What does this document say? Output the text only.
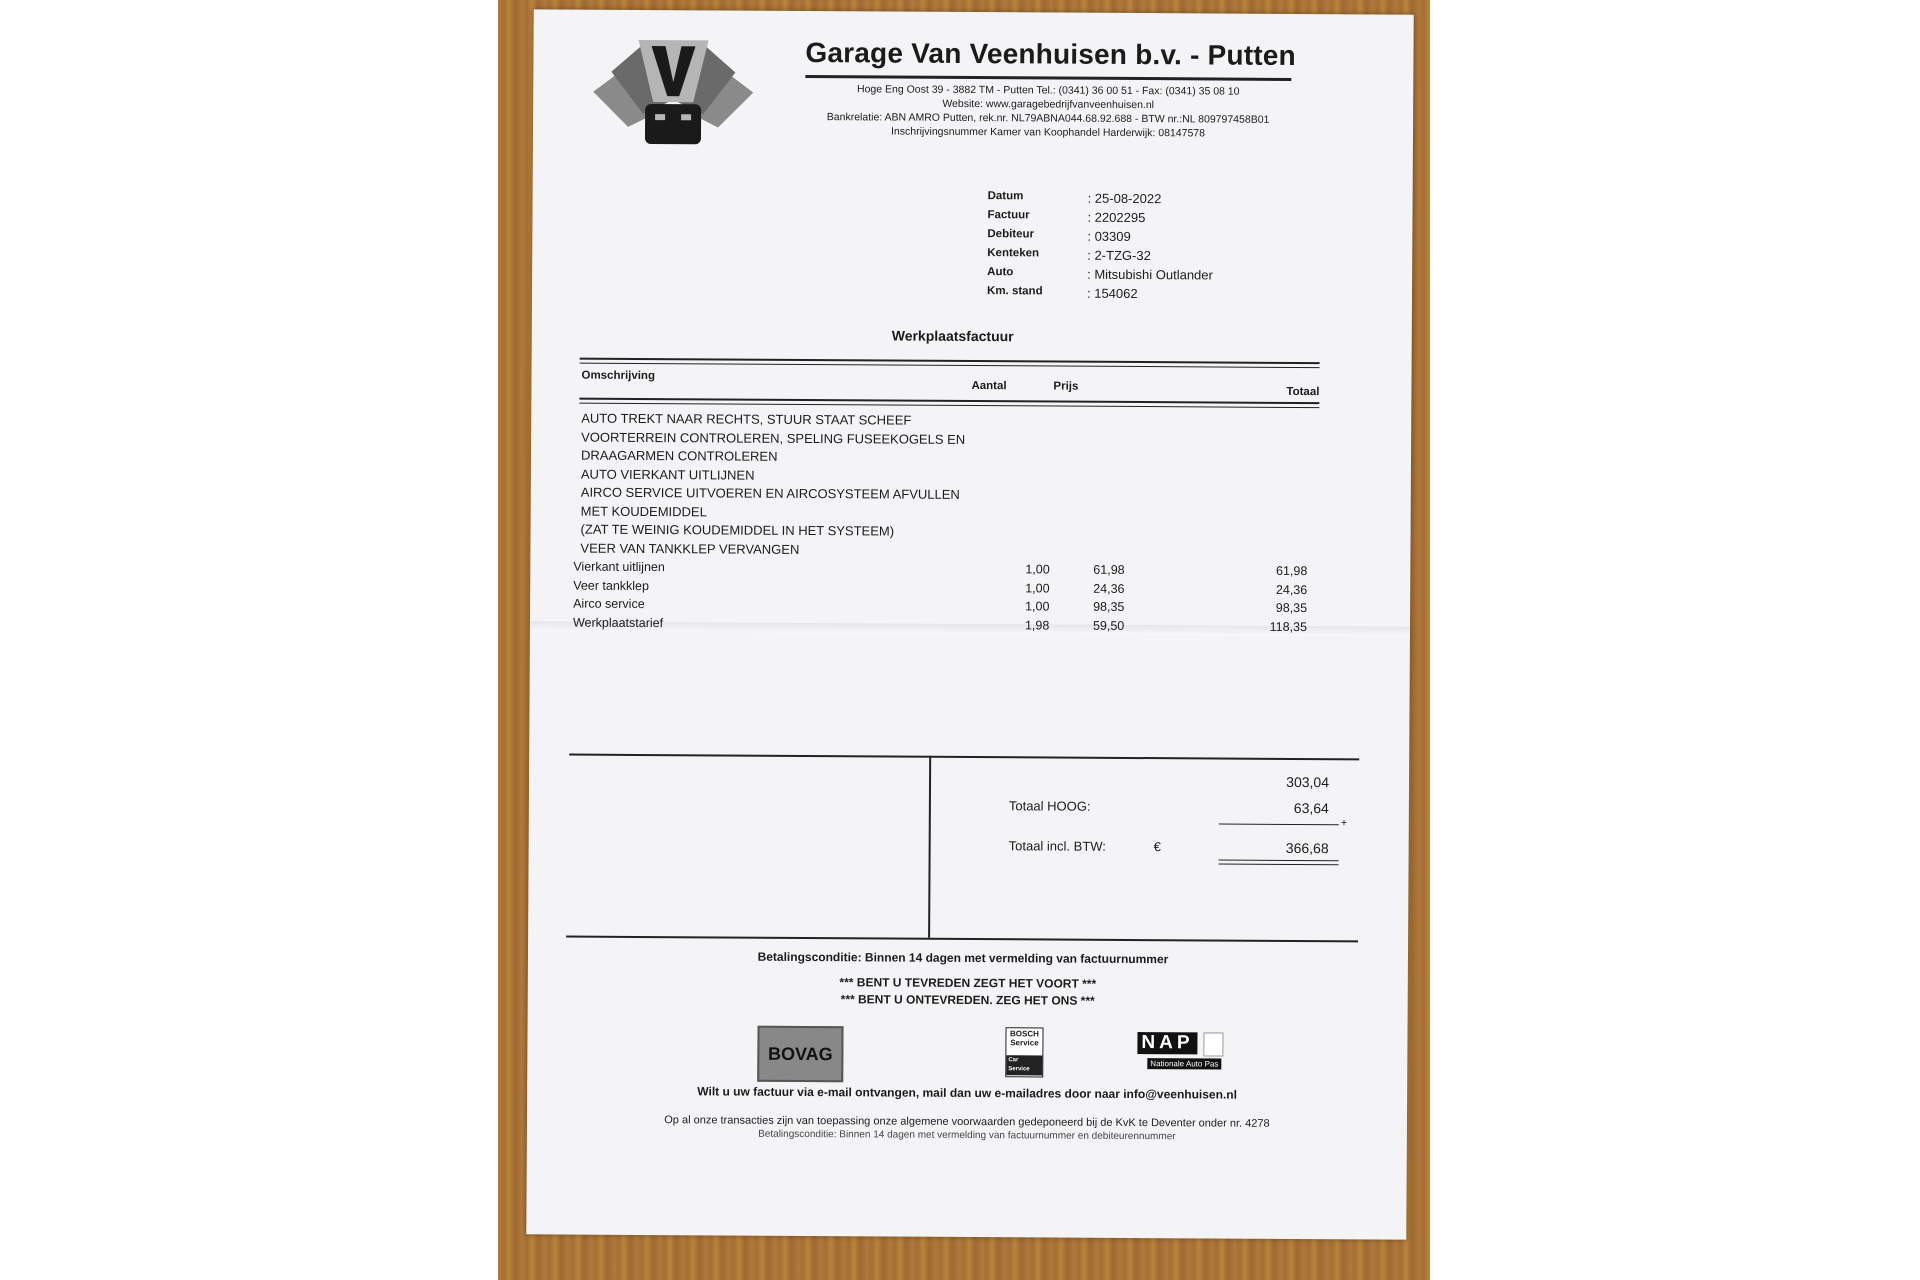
Garage Van Veenhuisen b.v. - Putten
Hoge Eng Oost 39 - 3882 TM - Putten Tel.: (0341) 36 00 51 - Fax: (0341) 35 08 10
Website: www.garagebedrijfvanveenhuisen.nl
Bankrelatie: ABN AMRO Putten, rek.nr. NL79ABNA044.68.92.688 - BTW nr.:NL 809797458B01
Inschrijvingsnummer Kamer van Koophandel Harderwijk: 08147578
Datum	: 25-08-2022
Factuur	: 2202295
Debiteur	: 03309
Kenteken	: 2-TZG-32
Auto	: Mitsubishi Outlander
Km. stand	: 154062
Werkplaatsfactuur
Omschrijving
Aantal	Prijs	Totaal
AUTO TREKT NAAR RECHTS, STUUR STAAT SCHEEF
VOORTERREIN CONTROLEREN, SPELING FUSEEKOGELS EN
DRAAGARMEN CONTROLEREN
AUTO VIERKANT UITLIJNEN
AIRCO SERVICE UITVOEREN EN AIRCOSYSTEEM AFVULLEN
MET KOUDEMIDDEL
(ZAT TE WEINIG KOUDEMIDDEL IN HET SYSTEEM)
VEER VAN TANKKLEP VERVANGEN
Vierkant uitlijnen	1,00	61,98	61,98
Veer tankklep	1,00	24,36	24,36
Airco service	1,00	98,35	98,35
Werkplaatstarief	1,98	59,50	118,35
303,04
Totaal HOOG:	63,64
+
Totaal incl. BTW:	€	366,68
Betalingsconditie: Binnen 14 dagen met vermelding van factuurnummer
*** BENT U TEVREDEN ZEGT HET VOORT ***
*** BENT U ONTEVREDEN. ZEG HET ONS ***
BOVAG
BOSCH
Service
Car Service
NAP
Nationale Auto Pas
Wilt u uw factuur via e-mail ontvangen, mail dan uw e-mailadres door naar info@veenhuisen.nl
Op al onze transacties zijn van toepassing onze algemene voorwaarden gedeponeerd bij de KvK te Deventer onder nr. 4278
Betalingsconditie: Binnen 14 dagen met vermelding van factuurnummer en debiteurennummer
